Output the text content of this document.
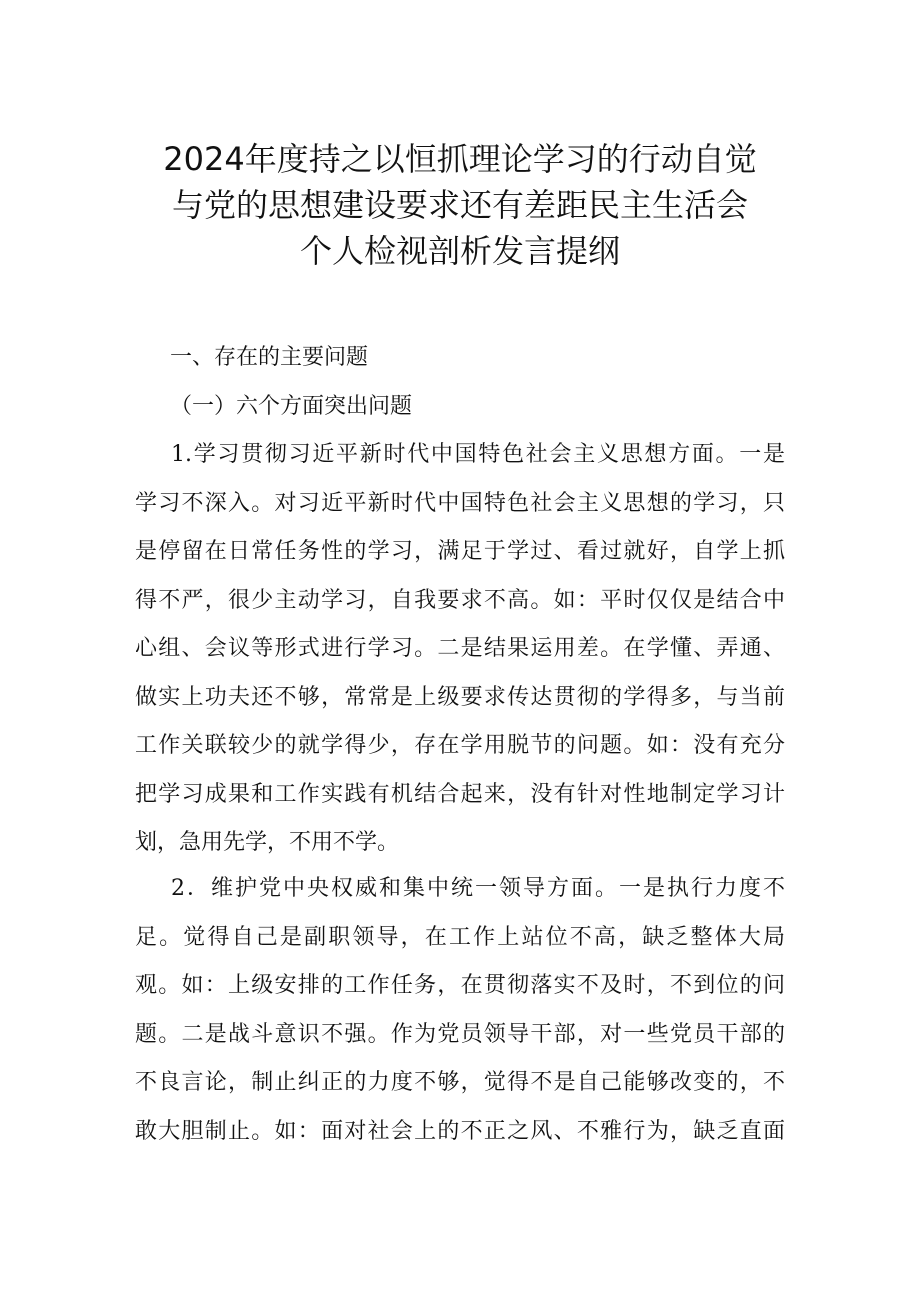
2024年度持之以恒抓理论学习的行动自觉
与党的思想建设要求还有差距民主生活会
个人检视剖析发言提纲

一、存在的主要问题

（一）六个方面突出问题

1.学习贯彻习近平新时代中国特色社会主义思想方面。一是
学习不深入。对习近平新时代中国特色社会主义思想的学习，只
是停留在日常任务性的学习，满足于学过、看过就好，自学上抓
得不严，很少主动学习，自我要求不高。如：平时仅仅是结合中
心组、会议等形式进行学习。二是结果运用差。在学懂、弄通、
做实上功夫还不够，常常是上级要求传达贯彻的学得多，与当前
工作关联较少的就学得少，存在学用脱节的问题。如：没有充分
把学习成果和工作实践有机结合起来，没有针对性地制定学习计
划，急用先学，不用不学。
2．维护党中央权威和集中统一领导方面。一是执行力度不
足。觉得自己是副职领导，在工作上站位不高，缺乏整体大局
观。如：上级安排的工作任务，在贯彻落实不及时，不到位的问
题。二是战斗意识不强。作为党员领导干部，对一些党员干部的
不良言论，制止纠正的力度不够，觉得不是自己能够改变的，不
敢大胆制止。如：面对社会上的不正之风、不雅行为，缺乏直面
